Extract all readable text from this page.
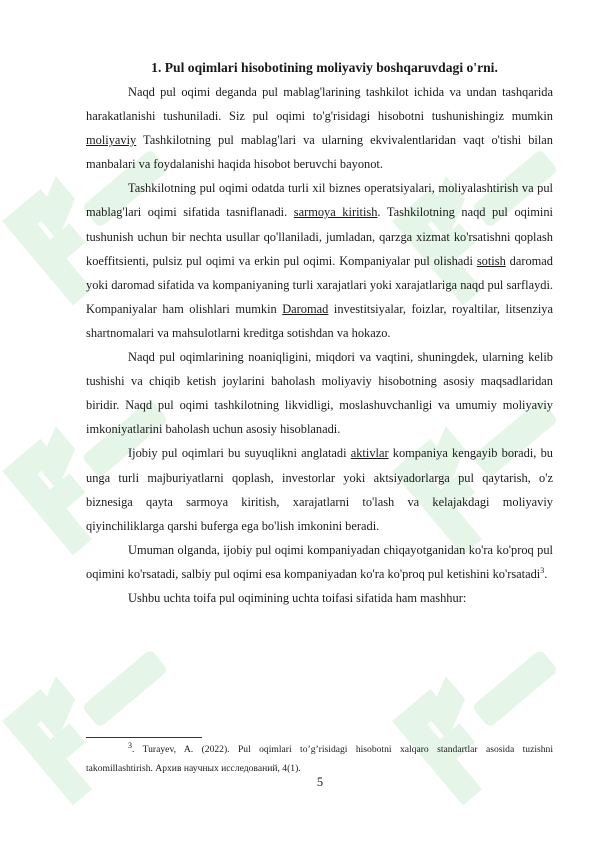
1. Pul oqimlari hisobotining moliyaviy boshqaruvdagi o'rni.

Naqd pul oqimi deganda pul mablag'larining tashkilot ichida va undan tashqarida harakatlanishi tushuniladi. Siz pul oqimi to'g'risidagi hisobotni tushunishingiz mumkin moliyaviy Tashkilotning pul mablag'lari va ularning ekvivalentlaridan vaqt o'tishi bilan manbalari va foydalanishi haqida hisobot beruvchi bayonot.

Tashkilotning pul oqimi odatda turli xil biznes operatsiyalari, moliyalashtirish va pul mablag'lari oqimi sifatida tasniflanadi. sarmoya kiritish. Tashkilotning naqd pul oqimini tushunish uchun bir nechta usullar qo'llaniladi, jumladan, qarzga xizmat ko'rsatishni qoplash koeffitsienti, pulsiz pul oqimi va erkin pul oqimi. Kompaniyalar pul olishadi sotish daromad yoki daromad sifatida va kompaniyaning turli xarajatlari yoki xarajatlariga naqd pul sarflaydi. Kompaniyalar ham olishlari mumkin Daromad investitsiyalar, foizlar, royaltilar, litsenziya shartnomalari va mahsulotlarni kreditga sotishdan va hokazo.

Naqd pul oqimlarining noaniqligini, miqdori va vaqtini, shuningdek, ularning kelib tushishi va chiqib ketish joylarini baholash moliyaviy hisobotning asosiy maqsadlaridan biridir. Naqd pul oqimi tashkilotning likvidligi, moslashuvchanligi va umumiy moliyaviy imkoniyatlarini baholash uchun asosiy hisoblanadi.

Ijobiy pul oqimlari bu suyuqlikni anglatadi aktivlar kompaniya kengayib boradi, bu unga turli majburiyatlarni qoplash, investorlar yoki aktsiyadorlarga pul qaytarish, o'z biznesiga qayta sarmoya kiritish, xarajatlarni to'lash va kelajakdagi moliyaviy qiyinchiliklarga qarshi buferga ega bo'lish imkonini beradi.

Umuman olganda, ijobiy pul oqimi kompaniyadan chiqayotganidan ko'ra ko'proq pul oqimini ko'rsatadi, salbiy pul oqimi esa kompaniyadan ko'ra ko'proq pul ketishini ko'rsatadi$^3$.

Ushbu uchta toifa pul oqimining uchta toifasi sifatida ham mashhur:

$^3$. Turayev, A. (2022). Pul oqimlari to’g’risidagi hisobotni xalqaro standartlar asosida tuzishni takomillashtirish. Архив научных исследований, 4(1).
5
